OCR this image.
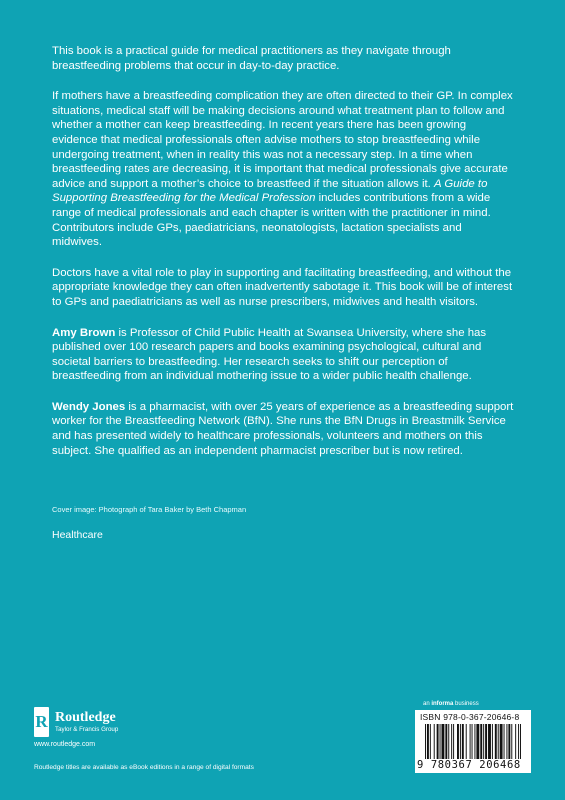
This book is a practical guide for medical practitioners as they navigate through breastfeeding problems that occur in day-to-day practice.

If mothers have a breastfeeding complication they are often directed to their GP. In complex situations, medical staff will be making decisions around what treatment plan to follow and whether a mother can keep breastfeeding. In recent years there has been growing evidence that medical professionals often advise mothers to stop breastfeeding while undergoing treatment, when in reality this was not a necessary step. In a time when breastfeeding rates are decreasing, it is important that medical professionals give accurate advice and support a mother’s choice to breastfeed if the situation allows it. A Guide to Supporting Breastfeeding for the Medical Profession includes contributions from a wide range of medical professionals and each chapter is written with the practitioner in mind. Contributors include GPs, paediatricians, neonatologists, lactation specialists and midwives.

Doctors have a vital role to play in supporting and facilitating breastfeeding, and without the appropriate knowledge they can often inadvertently sabotage it. This book will be of interest to GPs and paediatricians as well as nurse prescribers, midwives and health visitors.

Amy Brown is Professor of Child Public Health at Swansea University, where she has published over 100 research papers and books examining psychological, cultural and societal barriers to breastfeeding. Her research seeks to shift our perception of breastfeeding from an individual mothering issue to a wider public health challenge.

Wendy Jones is a pharmacist, with over 25 years of experience as a breastfeeding support worker for the Breastfeeding Network (BfN). She runs the BfN Drugs in Breastmilk Service and has presented widely to healthcare professionals, volunteers and mothers on this subject. She qualified as an independent pharmacist prescriber but is now retired.

Cover image: Photograph of Tara Baker by Beth Chapman
Healthcare
R Routledge
Taylor & Francis Group
www.routledge.com
Routledge titles are available as eBook editions in a range of digital formats
an informa business
ISBN 978-0-367-20646-8
9 780367 206468
